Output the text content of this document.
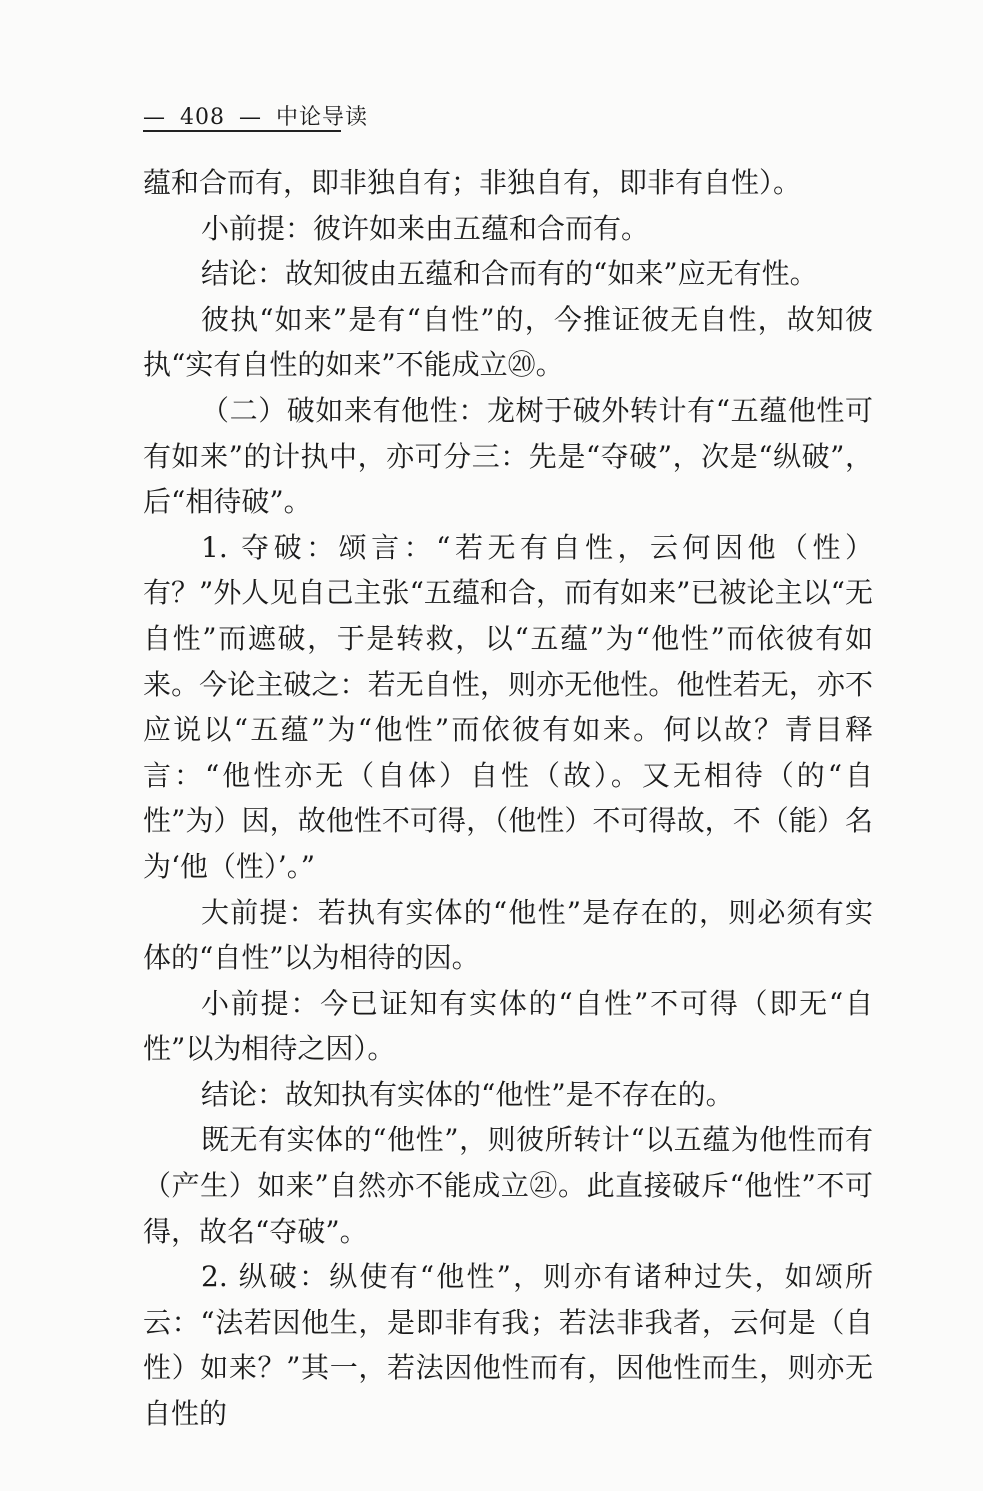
— 408 — 中论导读

蕴和合而有，即非独自有；非独自有，即非有自性）。

小前提：彼许如来由五蕴和合而有。

结论：故知彼由五蕴和合而有的“如来”应无有性。

彼执“如来”是有“自性”的，今推证彼无自性，故知彼执“实有自性的如来”不能成立⑳。

（二）破如来有他性：龙树于破外转计有“五蕴他性可有如来”的计执中，亦可分三：先是“夺破”，次是“纵破”，后“相待破”。

1. 夺破：颂言：“若无有自性，云何因他（性）有？”外人见自己主张“五蕴和合，而有如来”已被论主以“无自性”而遮破，于是转救，以“五蕴”为“他性”而依彼有如来。今论主破之：若无自性，则亦无他性。他性若无，亦不应说以“五蕴”为“他性”而依彼有如来。何以故？青目释言：“他性亦无（自体）自性（故）。又无相待（的“自性”为）因，故他性不可得，（他性）不可得故，不（能）名为‘他（性）’。”

大前提：若执有实体的“他性”是存在的，则必须有实体的“自性”以为相待的因。

小前提：今已证知有实体的“自性”不可得（即无“自性”以为相待之因）。

结论：故知执有实体的“他性”是不存在的。

既无有实体的“他性”，则彼所转计“以五蕴为他性而有（产生）如来”自然亦不能成立㉑。此直接破斥“他性”不可得，故名“夺破”。

2. 纵破：纵使有“他性”，则亦有诸种过失，如颂所云：“法若因他生，是即非有我；若法非我者，云何是（自性）如来？”其一，若法因他性而有，因他性而生，则亦无自性的
